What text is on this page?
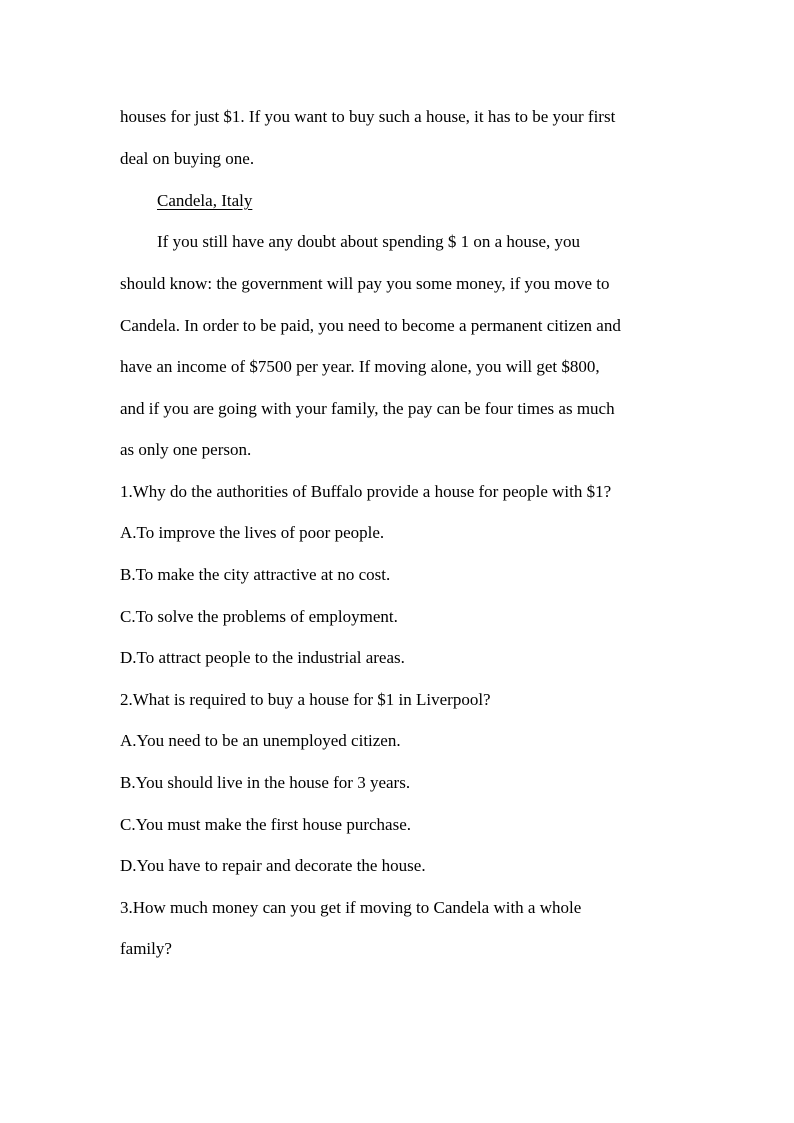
houses for just $1. If you want to buy such a house, it has to be your first
deal on buying one.
Candela, Italy
If you still have any doubt about spending $ 1 on a house, you
should know: the government will pay you some money, if you move to
Candela. In order to be paid, you need to become a permanent citizen and
have an income of $7500 per year. If moving alone, you will get $800,
and if you are going with your family, the pay can be four times as much
as only one person.
1.Why do the authorities of Buffalo provide a house for people with $1?
A.To improve the lives of poor people.
B.To make the city attractive at no cost.
C.To solve the problems of employment.
D.To attract people to the industrial areas.
2.What is required to buy a house for $1 in Liverpool?
A.You need to be an unemployed citizen.
B.You should live in the house for 3 years.
C.You must make the first house purchase.
D.You have to repair and decorate the house.
3.How much money can you get if moving to Candela with a whole
family?
